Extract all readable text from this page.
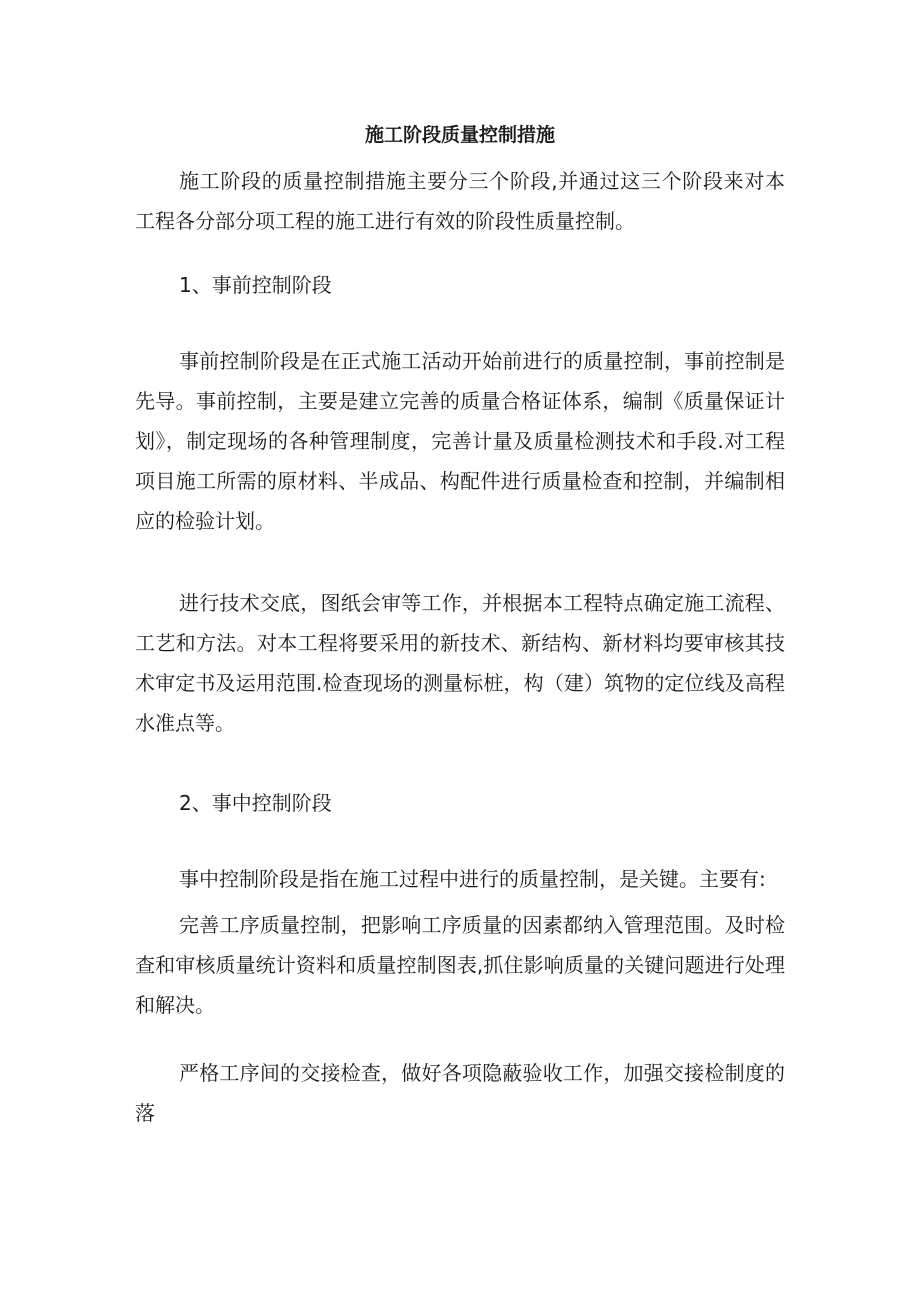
施工阶段质量控制措施
施工阶段的质量控制措施主要分三个阶段,并通过这三个阶段来对本工程各分部分项工程的施工进行有效的阶段性质量控制。
1、事前控制阶段
事前控制阶段是在正式施工活动开始前进行的质量控制，事前控制是先导。事前控制，主要是建立完善的质量合格证体系，编制《质量保证计划》，制定现场的各种管理制度，完善计量及质量检测技术和手段.对工程项目施工所需的原材料、半成品、构配件进行质量检查和控制，并编制相应的检验计划。
进行技术交底，图纸会审等工作，并根据本工程特点确定施工流程、工艺和方法。对本工程将要采用的新技术、新结构、新材料均要审核其技术审定书及运用范围.检查现场的测量标桩，构（建）筑物的定位线及高程水准点等。
2、事中控制阶段
事中控制阶段是指在施工过程中进行的质量控制，是关键。主要有:
完善工序质量控制，把影响工序质量的因素都纳入管理范围。及时检查和审核质量统计资料和质量控制图表,抓住影响质量的关键问题进行处理和解决。
严格工序间的交接检查，做好各项隐蔽验收工作，加强交接检制度的落
